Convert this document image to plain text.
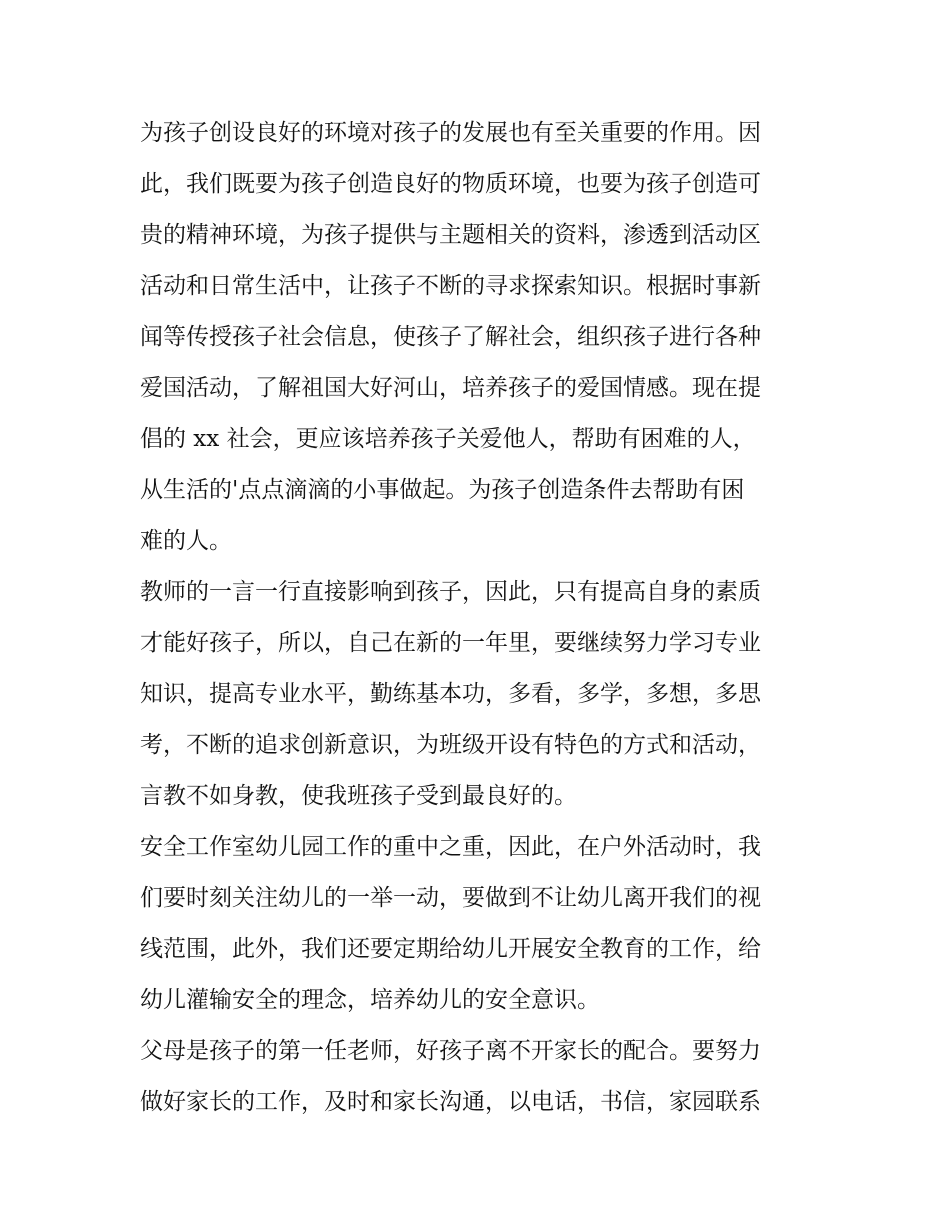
为孩子创设良好的环境对孩子的发展也有至关重要的作用。因
此，我们既要为孩子创造良好的物质环境，也要为孩子创造可
贵的精神环境，为孩子提供与主题相关的资料，渗透到活动区
活动和日常生活中，让孩子不断的寻求探索知识。根据时事新
闻等传授孩子社会信息，使孩子了解社会，组织孩子进行各种
爱国活动，了解祖国大好河山，培养孩子的爱国情感。现在提
倡的 xx 社会，更应该培养孩子关爱他人，帮助有困难的人，
从生活的'点点滴滴的小事做起。为孩子创造条件去帮助有困
难的人。
教师的一言一行直接影响到孩子，因此，只有提高自身的素质
才能好孩子，所以，自己在新的一年里，要继续努力学习专业
知识，提高专业水平，勤练基本功，多看，多学，多想，多思
考，不断的追求创新意识，为班级开设有特色的方式和活动，
言教不如身教，使我班孩子受到最良好的。
安全工作室幼儿园工作的重中之重，因此，在户外活动时，我
们要时刻关注幼儿的一举一动，要做到不让幼儿离开我们的视
线范围，此外，我们还要定期给幼儿开展安全教育的工作，给
幼儿灌输安全的理念，培养幼儿的安全意识。
父母是孩子的第一任老师，好孩子离不开家长的配合。要努力
做好家长的工作，及时和家长沟通，以电话，书信，家园联系
